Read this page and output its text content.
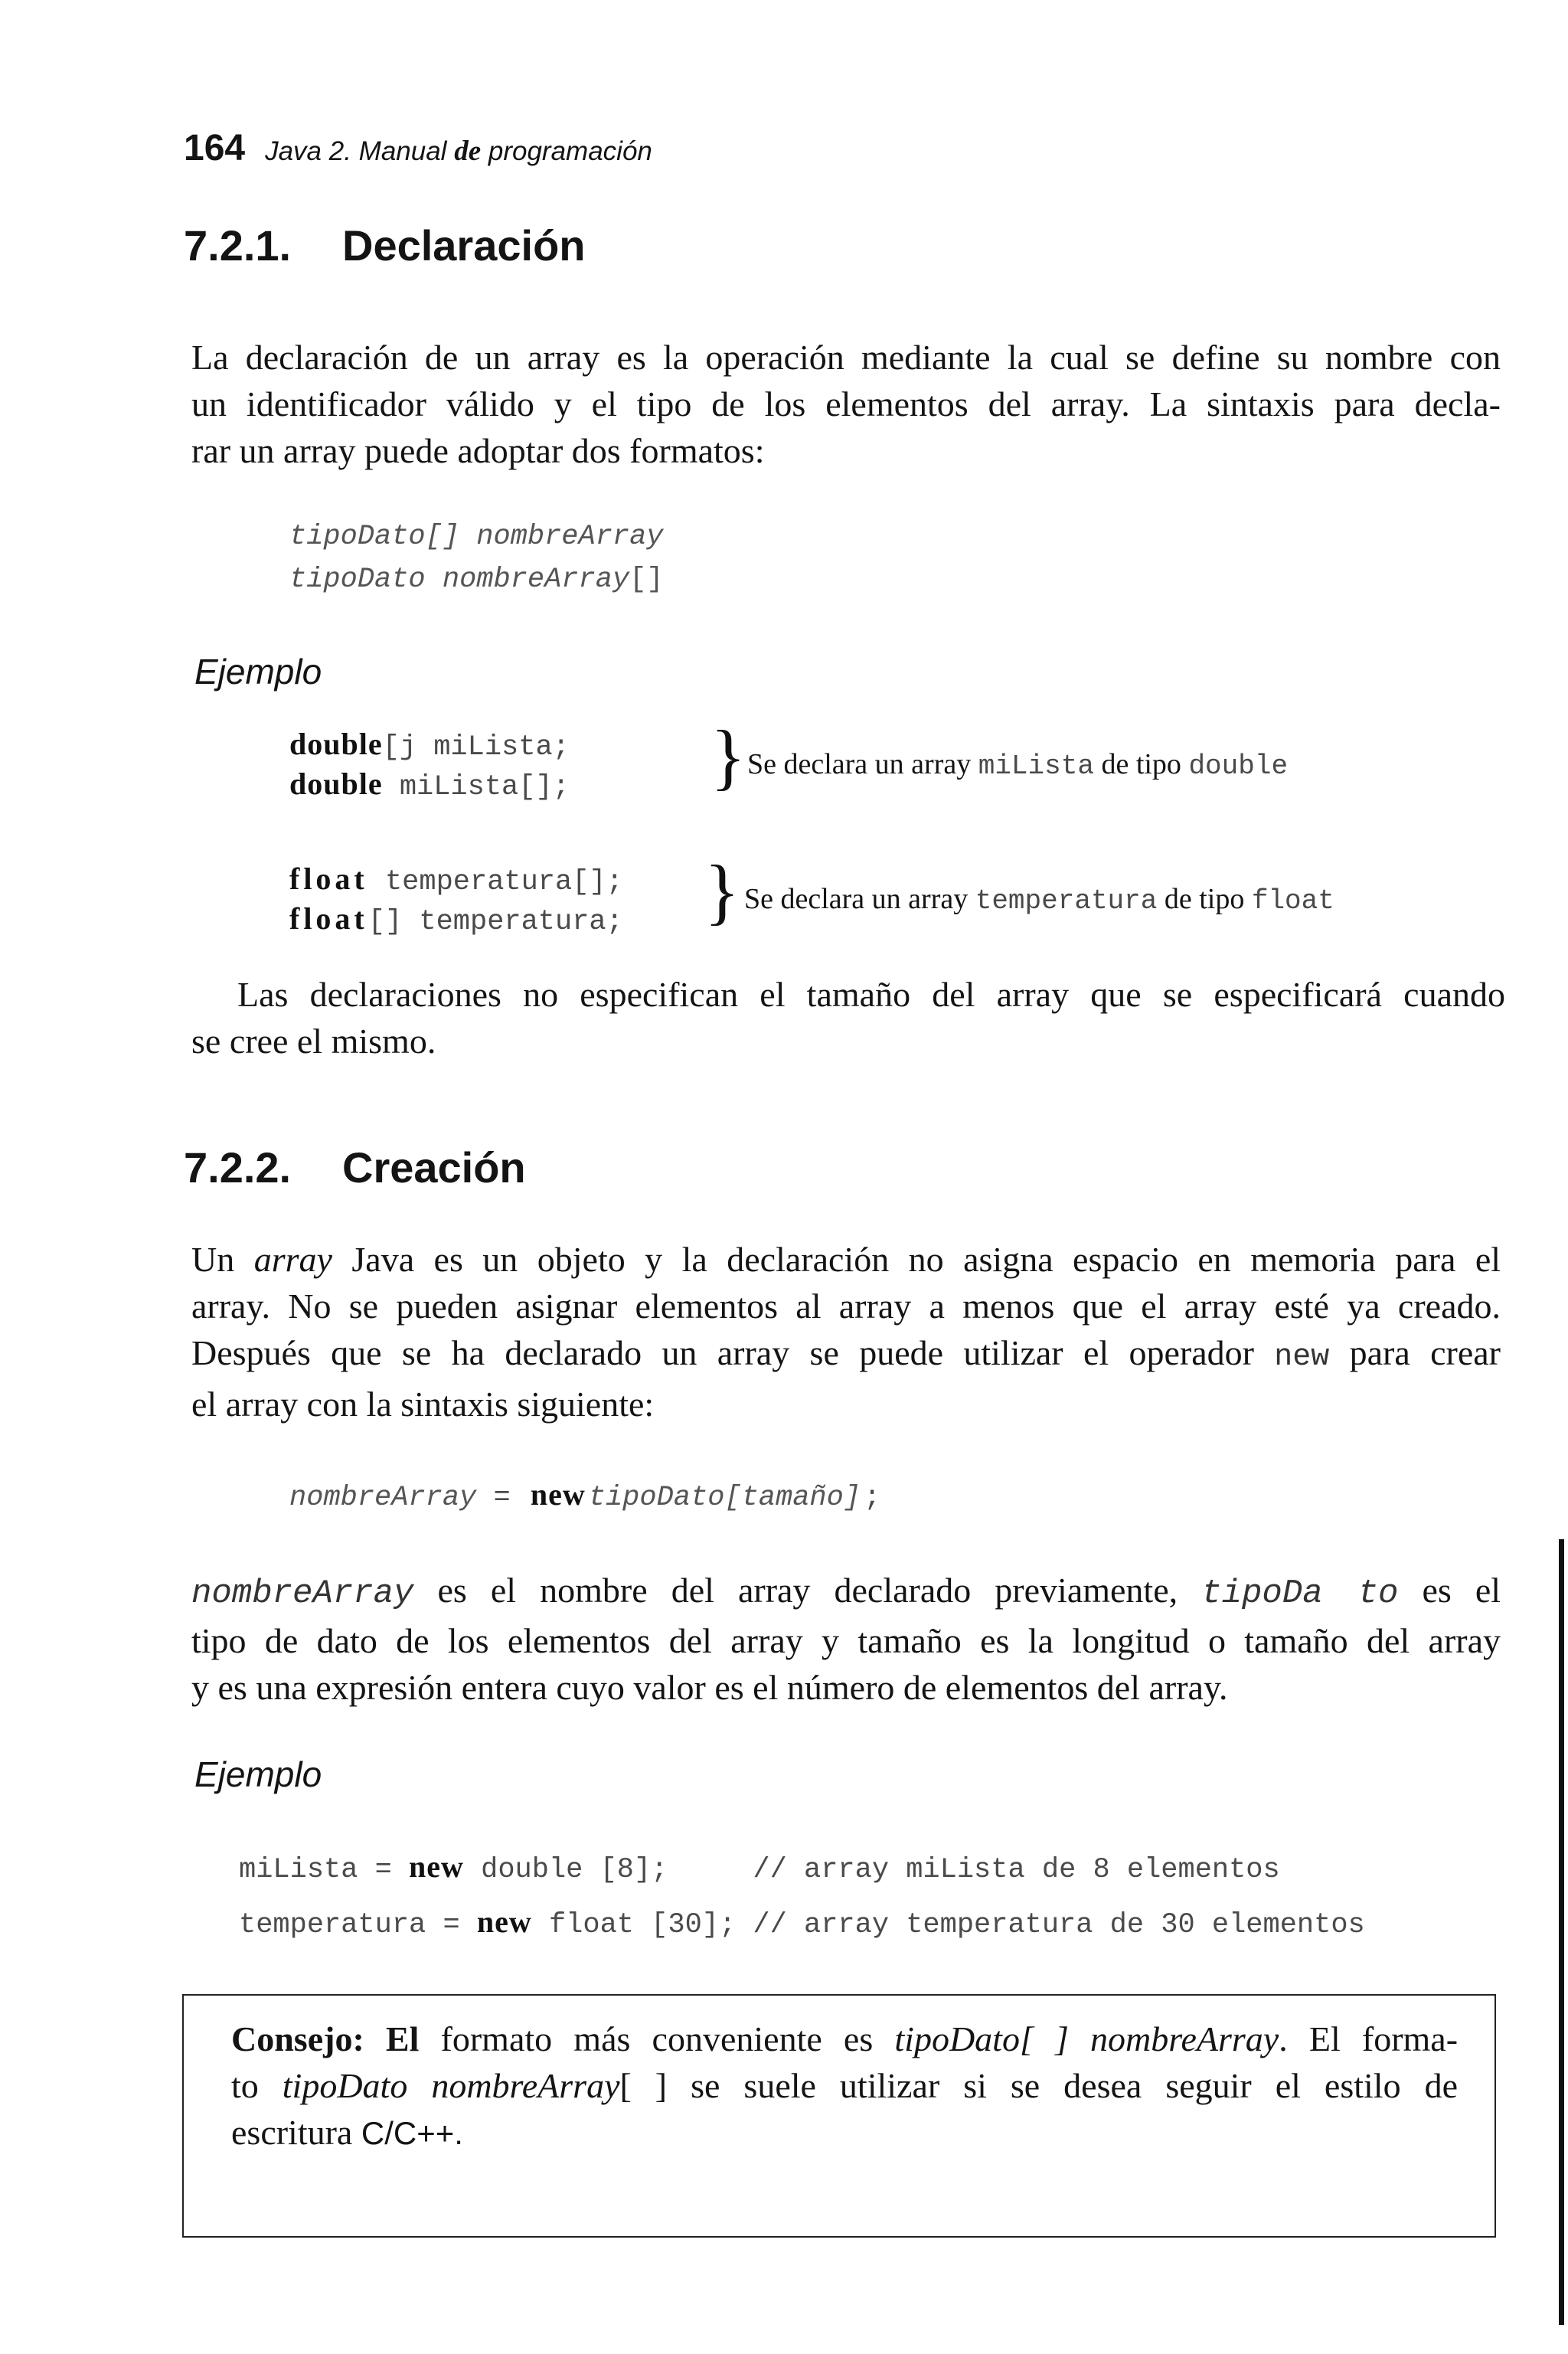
164 Java 2. Manual de programación
7.2.1. Declaración
La declaración de un array es la operación mediante la cual se define su nombre con
un identificador válido y el tipo de los elementos del array. La sintaxis para decla-
rar un array puede adoptar dos formatos:
tipoDato[] nombreArray
tipoDato nombreArray[]
Ejemplo
double[j miLista;
double miLista[]; } Se declara un array miLista de tipo double
float temperatura[];
float[] temperatura; } Se declara un array temperatura de tipo float
Las declaraciones no especifican el tamaño del array que se especificará cuando
se cree el mismo.
7.2.2. Creación
Un array Java es un objeto y la declaración no asigna espacio en memoria para el
array. No se pueden asignar elementos al array a menos que el array esté ya creado.
Después que se ha declarado un array se puede utilizar el operador new para crear
el array con la sintaxis siguiente:
nombreArray =  new tipoDato[tamaño] ;
nombreArray es el nombre del array declarado previamente, tipoDa to es el
tipo de dato de los elementos del array y tamaño es la longitud o tamaño del array
y es una expresión entera cuyo valor es el número de elementos del array.
Ejemplo
miLista = new double [8];     // array miLista de 8 elementos
temperatura = new float [30]; // array temperatura de 30 elementos
Consejo: El formato más conveniente es tipoDato[ ] nombreArray. El forma-
to tipoDato nombreArray[ ] se suele utilizar si se desea seguir el estilo de
escritura C/C++.
